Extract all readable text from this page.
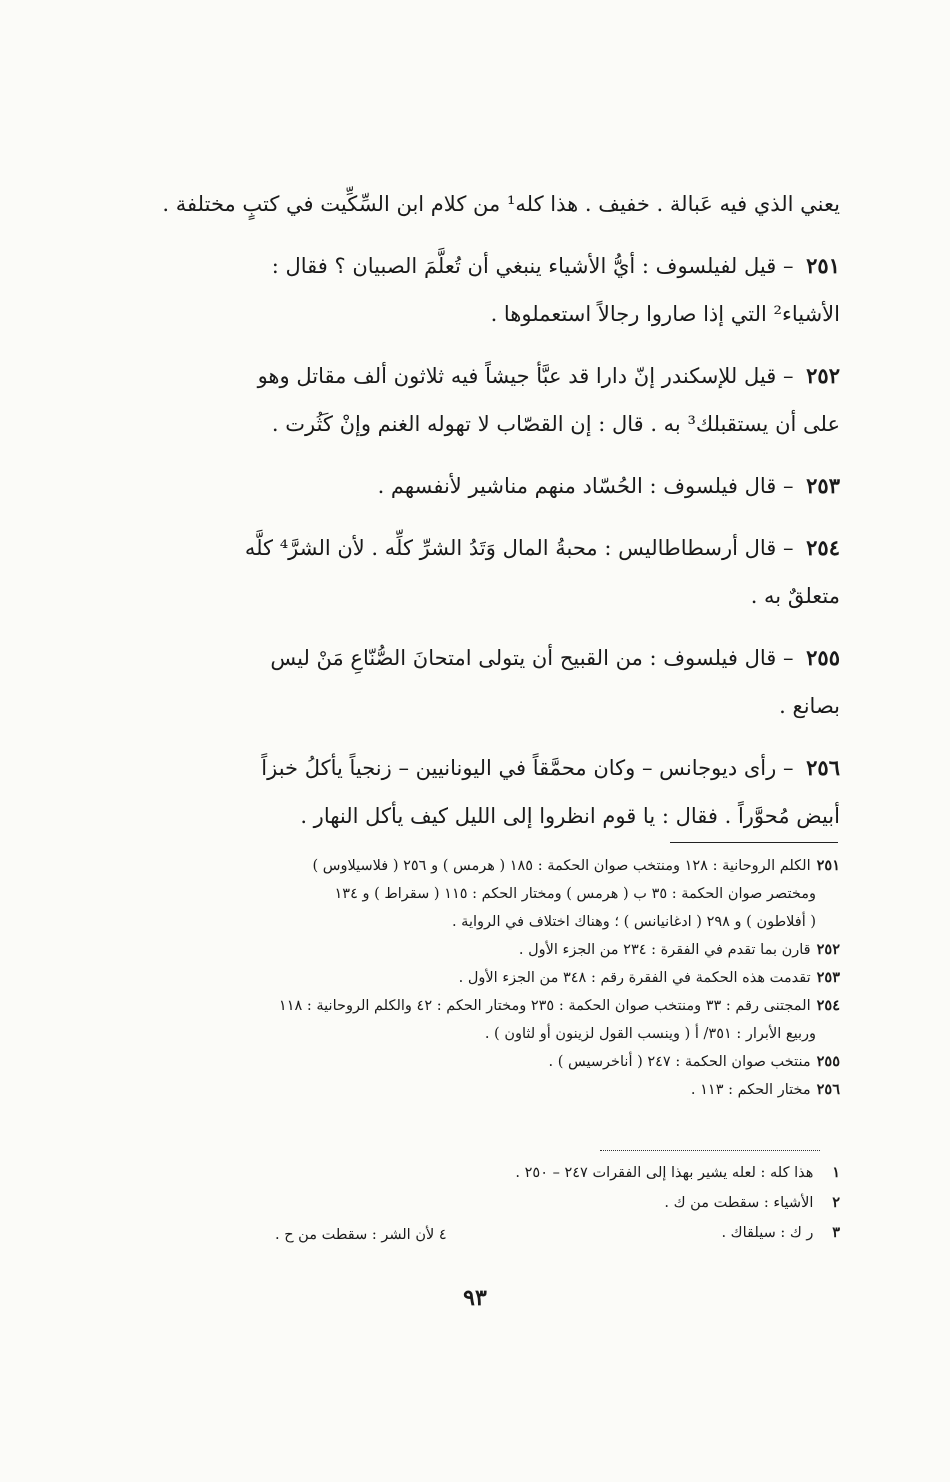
يعني الذي فيه عَبالة . خفيف . هذا كله¹ من كلام ابن السِّكِّيت في كتبٍ مختلفة .
٢٥١ – قيل لفيلسوف : أيُّ الأشياء ينبغي أن تُعلَّمَ الصبيان ؟ فقال :
الأشياء² التي إذا صاروا رجالاً استعملوها .
٢٥٢ – قيل للإسكندر إنّ دارا قد عبَّأ جيشاً فيه ثلاثون ألف مقاتل وهو
على أن يستقبلك³ به . قال : إن القصّاب لا تهوله الغنم وإنْ كَثُرت .
٢٥٣ – قال فيلسوف : الحُسّاد منهم مناشير لأنفسهم .
٢٥٤ – قال أرسطاطاليس : محبةُ المال وَتَدُ الشرِّ كلِّه . لأن الشرَّ⁴ كلَّه
متعلقٌ به .
٢٥٥ – قال فيلسوف : من القبيح أن يتولى امتحانَ الصُّنّاعِ مَنْ ليس
بصانع .
٢٥٦ – رأى ديوجانس – وكان محمَّقاً في اليونانيين – زنجياً يأكلُ خبزاً
أبيض مُحوَّراً . فقال : يا قوم انظروا إلى الليل كيف يأكل النهار .
٢٥١الكلم الروحانية : ١٢٨ ومنتخب صوان الحكمة : ١٨٥ ( هرمس ) و ٢٥٦ ( فلاسيلاوس )
ومختصر صوان الحكمة : ٣٥ ب ( هرمس ) ومختار الحكم : ١١٥ ( سقراط ) و ١٣٤
( أفلاطون ) و ٢٩٨ ( ادغانيانس ) ؛ وهناك اختلاف في الرواية .
٢٥٢قارن بما تقدم في الفقرة : ٢٣٤ من الجزء الأول .
٢٥٣تقدمت هذه الحكمة في الفقرة رقم : ٣٤٨ من الجزء الأول .
٢٥٤المجتنى رقم : ٣٣ ومنتخب صوان الحكمة : ٢٣٥ ومختار الحكم : ٤٢ والكلم الروحانية : ١١٨
وربيع الأبرار : ٣٥١/ أ ( وينسب القول لزينون أو لثاون ) .
٢٥٥منتخب صوان الحكمة : ٢٤٧ ( أناخرسيس ) .
٢٥٦مختار الحكم : ١١٣ .
١ هذا كله : لعله يشير بهذا إلى الفقرات ٢٤٧ – ٢٥٠ .
٢ الأشياء : سقطت من ك .
٣ ر ك : سيلقاك .
٤ لأن الشر : سقطت من ح .
٩٣
